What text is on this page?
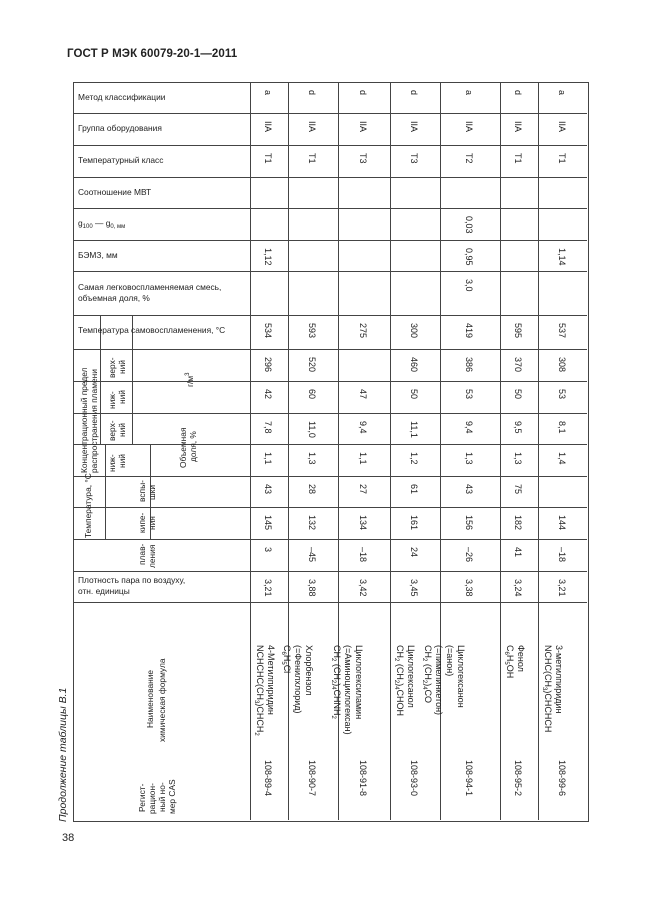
ГОСТ Р МЭК 60079-20-1—2011
38
Продолжение таблицы В.1
Метод классификации
Группа оборудования
Температурный класс
Соотношение МВТ
$g_{100}$ — $g_{0, мм}$
БЭМЗ, мм
Самая легковоспламеняемая смесь,
объемная доля, %
Температура самовоспламенения, °C
Концентрационный предел распространения пламени
верх- ний
ниж- ний
верх- ний
ниж- ний
$г/м^3$
Объемная доля, %
Температура, °C	вспы- шки
кипе- ния
плав- ления
Плотность пара по воздуху,
отн. единицы
Наименование химическая формула
Регист- рацион- ный но- мер CAS
a
IIA
T1
1,12
534
296
42
7,8
1,1
43
145
3
3,21
108-89-4
4-Метилпиридин
$NCHCHC(CH_3)CHCH_2$
d
IIA
T1
593
520
60
11,0
1,3
28
132
–45
3,88
108-90-7
Хлорбензол
(=Фенилхлорид)
$C_6H_5Cl$
d
IIA
T3
275
47
9,4
1,1
27
134
–18
3,42
108-91-8
Циклогексиламин
(=Аминоциклогексан)
$CH_2$ $(CH_2)_4CHNH_2$
d
IIA
T3
300
460
50
11,1
1,2
61
161
24
3,45
108-93-0
Циклогексанол
$CH_2$ $(CH_2)_4CHOH$
a
IIA
T2
0,03
0,95
3,0
419
386
53
9,4
1,3
43
156
–26
3,38
108-94-1
Циклогексанон
(=анон)
(=пимелинкетон)
$CH_2$ $(CH_2)_4CO$
d
IIA
T1
595
370
50
9,5
1,3
75
182
41
3,24
108-95-2
Фенол
$C_6H_5OH$
a
IIA
T1
1,14
537
308
53
8,1
1,4
144
–18
3,21
108-99-6
3-метилпиридин
$NCHC(CH_3)CHCHCH$
